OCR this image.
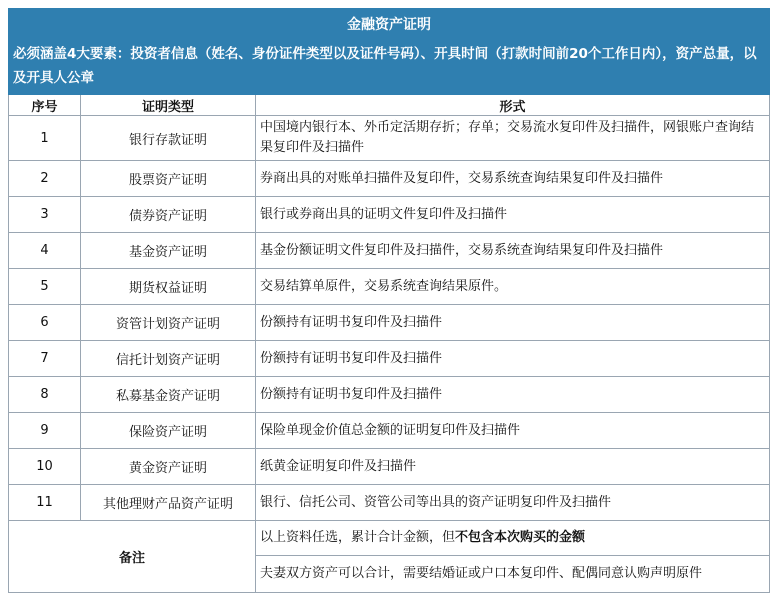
金融资产证明		
必须涵盖4大要素：投资者信息（姓名、身份证件类型以及证件号码）、开具时间（打款时间前20个工作日内），资产总量，以及开具人公章		
序号	证明类型	形式
1	银行存款证明	中国境内银行本、外币定活期存折；存单；交易流水复印件及扫描件，网银账户查询结果复印件及扫描件
2	股票资产证明	券商出具的对账单扫描件及复印件，交易系统查询结果复印件及扫描件
3	债券资产证明	银行或券商出具的证明文件复印件及扫描件
4	基金资产证明	基金份额证明文件复印件及扫描件，交易系统查询结果复印件及扫描件
5	期货权益证明	交易结算单原件，交易系统查询结果原件。
6	资管计划资产证明	份额持有证明书复印件及扫描件
7	信托计划资产证明	份额持有证明书复印件及扫描件
8	私募基金资产证明	份额持有证明书复印件及扫描件
9	保险资产证明	保险单现金价值总金额的证明复印件及扫描件
10	黄金资产证明	纸黄金证明复印件及扫描件
11	其他理财产品资产证明	银行、信托公司、资管公司等出具的资产证明复印件及扫描件
备注		以上资料任选，累计合计金额，但不包含本次购买的金额
		夫妻双方资产可以合计，需要结婚证或户口本复印件、配偶同意认购声明原件
